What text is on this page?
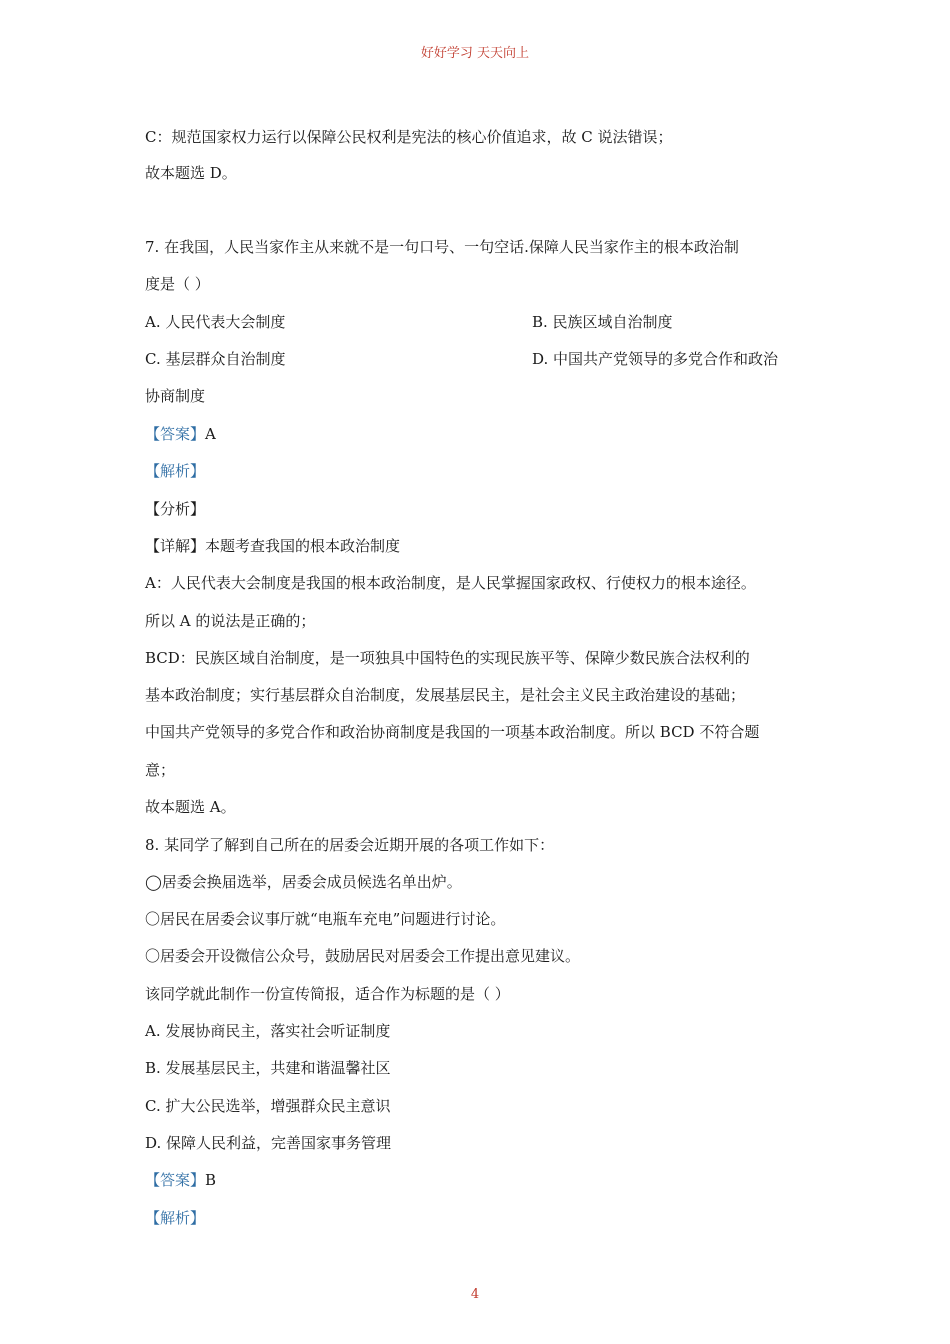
好好学习 天天向上
C：规范国家权力运行以保障公民权利是宪法的核心价值追求，故 C 说法错误；
故本题选 D。
7. 在我国，人民当家作主从来就不是一句口号、一句空话.保障人民当家作主的根本政治制
度是（ ）
A. 人民代表大会制度	B. 民族区域自治制度
C. 基层群众自治制度	D. 中国共产党领导的多党合作和政治
协商制度
【答案】A
【解析】
【分析】
【详解】本题考查我国的根本政治制度
A：人民代表大会制度是我国的根本政治制度，是人民掌握国家政权、行使权力的根本途径。
所以 A 的说法是正确的；
BCD：民族区域自治制度，是一项独具中国特色的实现民族平等、保障少数民族合法权利的
基本政治制度；实行基层群众自治制度，发展基层民主，是社会主义民主政治建设的基础；
中国共产党领导的多党合作和政治协商制度是我国的一项基本政治制度。所以 BCD 不符合题
意；
故本题选 A。
8. 某同学了解到自己所在的居委会近期开展的各项工作如下：
◯居委会换届选举，居委会成员候选名单出炉。
〇居民在居委会议事厅就“电瓶车充电”问题进行讨论。
〇居委会开设微信公众号，鼓励居民对居委会工作提出意见建议。
该同学就此制作一份宣传简报，适合作为标题的是（ ）
A. 发展协商民主，落实社会听证制度
B. 发展基层民主，共建和谐温馨社区
C. 扩大公民选举，增强群众民主意识
D. 保障人民利益，完善国家事务管理
【答案】B
【解析】
4
